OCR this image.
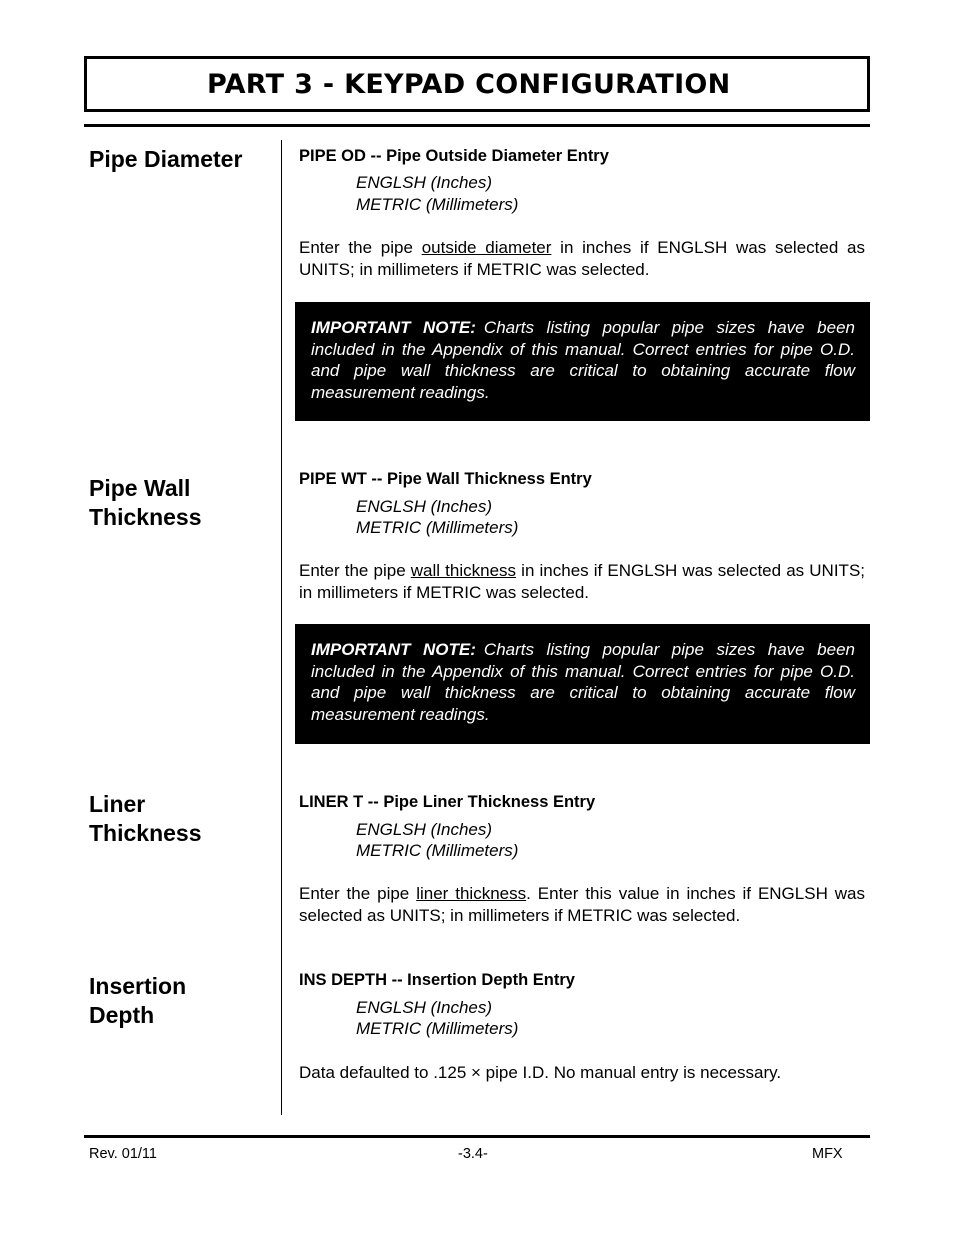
PART 3 - KEYPAD CONFIGURATION
Pipe Diameter	PIPE OD -- Pipe Outside Diameter Entry
ENGLSH (Inches)
METRIC (Millimeters)
Enter the pipe outside diameter in inches if ENGLSH was selected as UNITS; in millimeters if METRIC was selected.
IMPORTANT NOTE: Charts listing popular pipe sizes have been included in the Appendix of this manual. Correct entries for pipe O.D. and pipe wall thickness are critical to obtaining accurate flow measurement readings.
Pipe Wall
Thickness
PIPE WT -- Pipe Wall Thickness Entry
ENGLSH (Inches)
METRIC (Millimeters)
Enter the pipe wall thickness in inches if ENGLSH was selected as UNITS; in millimeters if METRIC was selected.
IMPORTANT NOTE: Charts listing popular pipe sizes have been included in the Appendix of this manual. Correct entries for pipe O.D. and pipe wall thickness are critical to obtaining accurate flow measurement readings.
Liner
Thickness
LINER T -- Pipe Liner Thickness Entry
ENGLSH (Inches)
METRIC (Millimeters)
Enter the pipe liner thickness. Enter this value in inches if ENGLSH was selected as UNITS; in millimeters if METRIC was selected.
Insertion
Depth
INS DEPTH -- Insertion Depth Entry
ENGLSH (Inches)
METRIC (Millimeters)
Data defaulted to .125 × pipe I.D. No manual entry is necessary.
Rev. 01/11	-3.4-	MFX
